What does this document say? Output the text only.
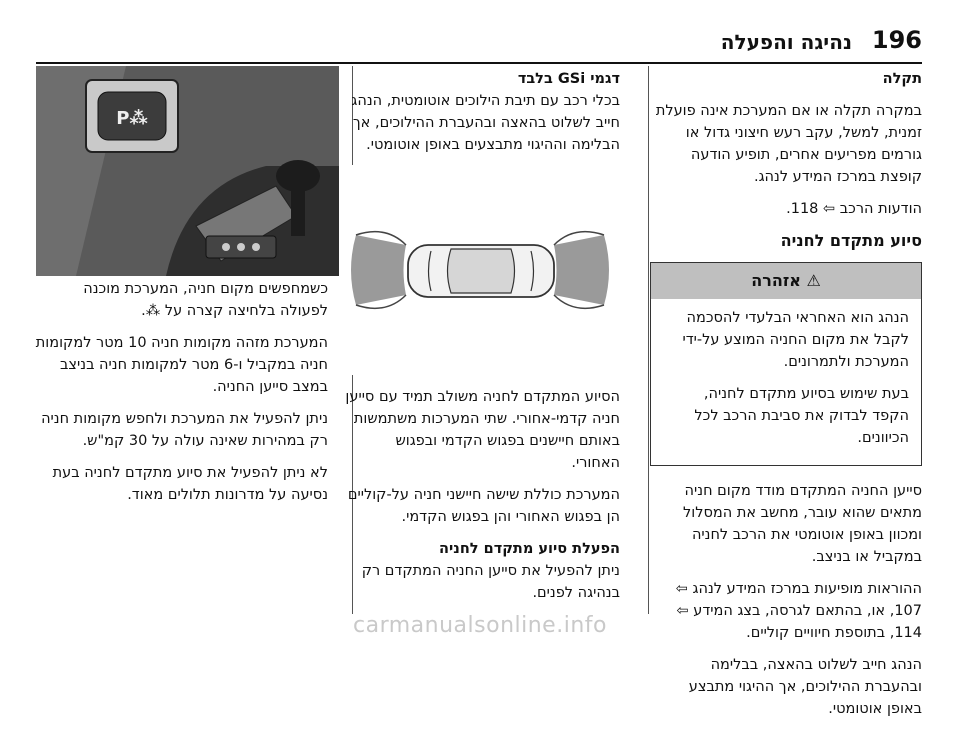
196
נהיגה והפעלה

תקלה

במקרה תקלה או אם המערכת אינה פועלת זמנית, למשל, עקב רעש חיצוני גדול או גורמים מפריעים אחרים, תופיע הודעה קופצת במרכז המידע לנהג.

הודעות הרכב ⇦ 118.

סיוע מתקדם לחניה

⚠ אזהרה

הנהג הוא האחראי הבלעדי להסכמה לקבל את מקום החניה המוצע על-ידי המערכת ולתמרונים.

בעת שימוש בסיוע מתקדם לחניה, הקפד לבדוק את סביבת הרכב לכל הכיוונים.

סייען החניה המתקדם מודד מקום חניה מתאים שהוא עובר, מחשב את המסלול ומכוון באופן אוטומטי את הרכב לחניה במקביל או בניצב.

ההוראות מופיעות במרכז המידע לנהג ⇦ 107, או, בהתאם לגרסה, בצג המידע ⇦ 114, בתוספת חיוויים קוליים.

הנהג חייב לשלוט בהאצה, בבלימה ובהעברת ההילוכים, אך ההיגוי מתבצע באופן אוטומטי.

דגמי GSi בלבד

בכלי רכב עם תיבת הילוכים אוטומטית, הנהג חייב לשלוט בהאצה ובהעברת ההילוכים, אך הבלימה וההיגוי מתבצעים באופן אוטומטי.

הסיוע המתקדם לחניה משולב תמיד עם סייען חניה קדמי-אחורי. שתי המערכות משתמשות באותם חיישנים בפגוש הקדמי ובפגוש האחורי.

המערכת כוללת שישה חיישני חניה על-קוליים הן בפגוש האחורי והן בפגוש הקדמי.

הפעלת סיוע מתקדם לחניה

ניתן להפעיל את סייען החניה המתקדם רק בנהיגה לפנים.

P⁂

כשמחפשים מקום חניה, המערכת מוכנה לפעולה בלחיצה קצרה על ⁂.

המערכת מזהה מקומות חניה 10 מטר למקומות חניה במקביל ו-6 מטר למקומות חניה בניצב במצב סייען החניה.

ניתן להפעיל את המערכת ולחפש מקומות חניה רק במהירות שאינה עולה על 30 קמ"ש.

לא ניתן להפעיל את סיוע מתקדם לחניה בעת נסיעה על מדרונות תלולים מאוד.

carmanualsonline.info
